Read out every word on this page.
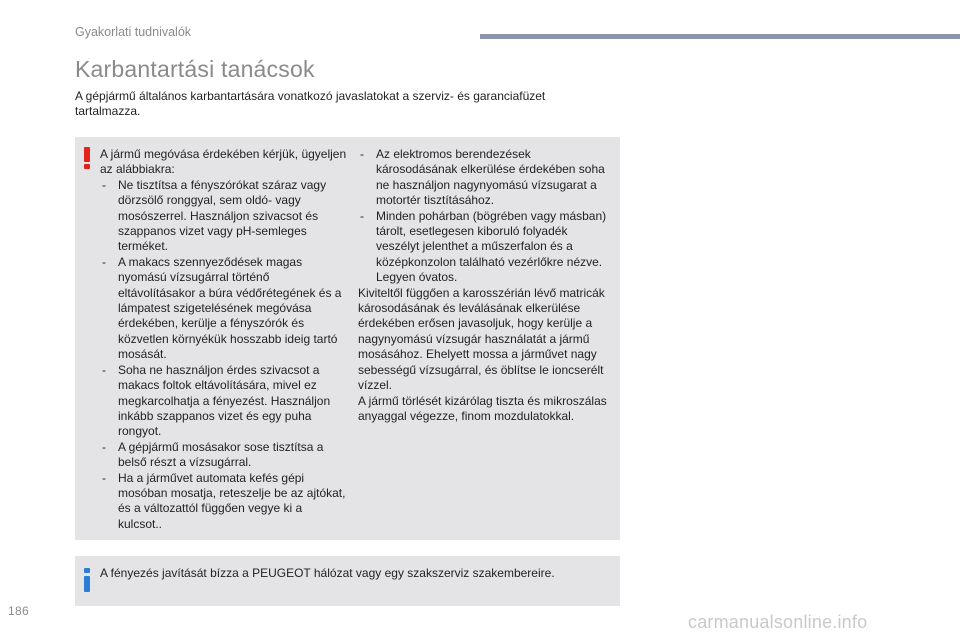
Gyakorlati tudnivalók
Karbantartási tanácsok

A gépjármű általános karbantartására vonatkozó javaslatokat a szerviz- és garanciafüzet tartalmazza.

A jármű megóvása érdekében kérjük, ügyeljen az alábbiakra:

- Ne tisztítsa a fényszórókat száraz vagy dörzsölő ronggyal, sem oldó- vagy mosószerrel. Használjon szivacsot és szappanos vizet vagy pH-semleges terméket.
- A makacs szennyeződések magas nyomású vízsugárral történő eltávolításakor a búra védőrétegének és a lámpatest szigetelésének megóvása érdekében, kerülje a fényszórók és közvetlen környékük hosszabb ideig tartó mosását.
- Soha ne használjon érdes szivacsot a makacs foltok eltávolítására, mivel ez megkarcolhatja a fényezést. Használjon inkább szappanos vizet és egy puha rongyot.
- A gépjármű mosásakor sose tisztítsa a belső részt a vízsugárral.
- Ha a járművet automata kefés gépi mosóban mosatja, reteszelje be az ajtókat, és a változattól függően vegye ki a kulcsot..
- Az elektromos berendezések károsodásának elkerülése érdekében soha ne használjon nagynyomású vízsugarat a motortér tisztításához.
- Minden pohárban (bögrében vagy másban) tárolt, esetlegesen kiboruló folyadék veszélyt jelenthet a műszerfalon és a középkonzolon található vezérlőkre nézve. Legyen óvatos.

Kiviteltől függően a karosszérián lévő matricák károsodásának és leválásának elkerülése érdekében erősen javasoljuk, hogy kerülje a nagynyomású vízsugár használatát a jármű mosásához. Ehelyett mossa a járművet nagy sebességű vízsugárral, és öblítse le ioncserélt vízzel.

A jármű törlését kizárólag tiszta és mikroszálas anyaggal végezze, finom mozdulatokkal.

A fényezés javítását bízza a PEUGEOT hálózat vagy egy szakszerviz szakembereire.
186
carmanualsonline.info
